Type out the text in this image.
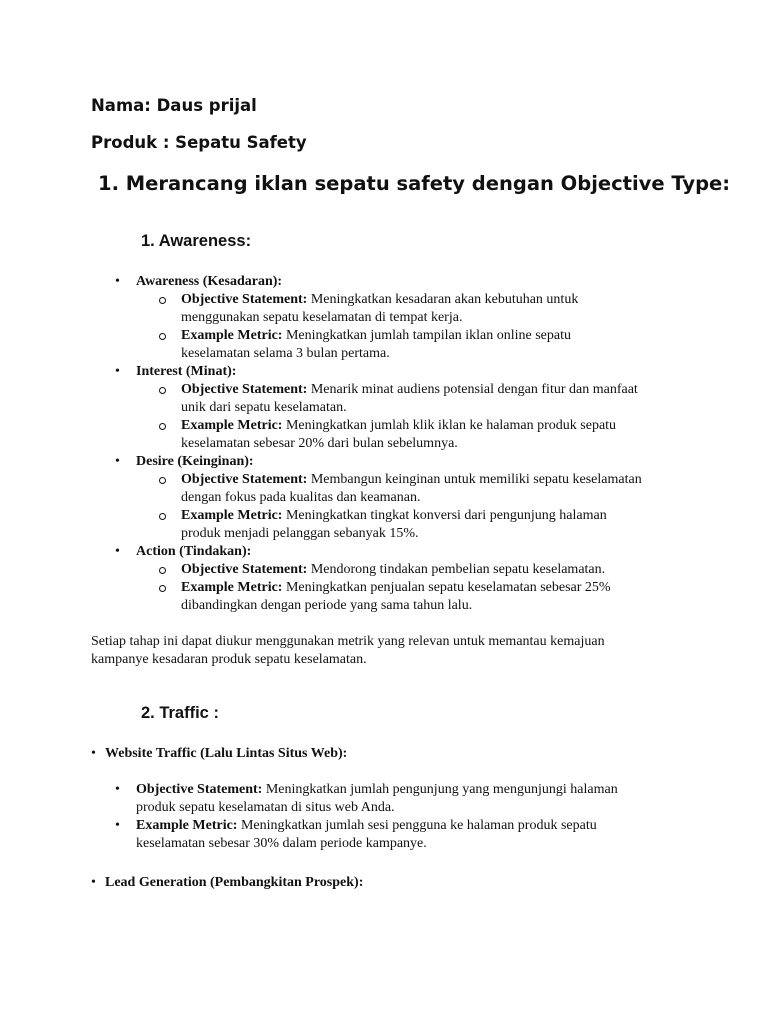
Nama: Daus prijal
Produk : Sepatu Safety
1. Merancang iklan sepatu safety dengan Objective Type:
1. Awareness:
• Awareness (Kesadaran):
Objective Statement: Meningkatkan kesadaran akan kebutuhan untuk
menggunakan sepatu keselamatan di tempat kerja.
Example Metric: Meningkatkan jumlah tampilan iklan online sepatu
keselamatan selama 3 bulan pertama.
• Interest (Minat):
Objective Statement: Menarik minat audiens potensial dengan fitur dan manfaat
unik dari sepatu keselamatan.
Example Metric: Meningkatkan jumlah klik iklan ke halaman produk sepatu
keselamatan sebesar 20% dari bulan sebelumnya.
• Desire (Keinginan):
Objective Statement: Membangun keinginan untuk memiliki sepatu keselamatan
dengan fokus pada kualitas dan keamanan.
Example Metric: Meningkatkan tingkat konversi dari pengunjung halaman
produk menjadi pelanggan sebanyak 15%.
• Action (Tindakan):
Objective Statement: Mendorong tindakan pembelian sepatu keselamatan.
Example Metric: Meningkatkan penjualan sepatu keselamatan sebesar 25%
dibandingkan dengan periode yang sama tahun lalu.
Setiap tahap ini dapat diukur menggunakan metrik yang relevan untuk memantau kemajuan
kampanye kesadaran produk sepatu keselamatan.
2. Traffic :
• Website Traffic (Lalu Lintas Situs Web):
• Objective Statement: Meningkatkan jumlah pengunjung yang mengunjungi halaman
produk sepatu keselamatan di situs web Anda.
• Example Metric: Meningkatkan jumlah sesi pengguna ke halaman produk sepatu
keselamatan sebesar 30% dalam periode kampanye.
• Lead Generation (Pembangkitan Prospek):
